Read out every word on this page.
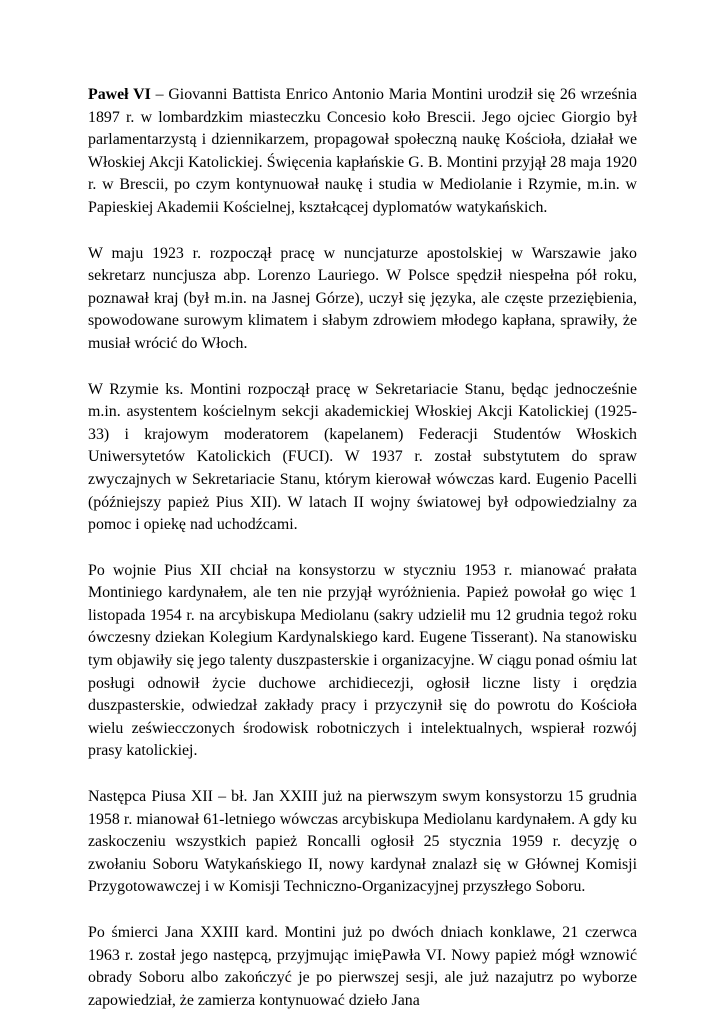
Paweł VI – Giovanni Battista Enrico Antonio Maria Montini urodził się 26 września 1897 r. w lombardzkim miasteczku Concesio koło Brescii. Jego ojciec Giorgio był parlamentarzystą i dziennikarzem, propagował społeczną naukę Kościoła, działał we Włoskiej Akcji Katolickiej. Święcenia kapłańskie G. B. Montini przyjął 28 maja 1920 r. w Brescii, po czym kontynuował naukę i studia w Mediolanie i Rzymie, m.in. w Papieskiej Akademii Kościelnej, kształcącej dyplomatów watykańskich.

W maju 1923 r. rozpoczął pracę w nuncjaturze apostolskiej w Warszawie jako sekretarz nuncjusza abp. Lorenzo Lauriego. W Polsce spędził niespełna pół roku, poznawał kraj (był m.in. na Jasnej Górze), uczył się języka, ale częste przeziębienia, spowodowane surowym klimatem i słabym zdrowiem młodego kapłana, sprawiły, że musiał wrócić do Włoch.

W Rzymie ks. Montini rozpoczął pracę w Sekretariacie Stanu, będąc jednocześnie m.in. asystentem kościelnym sekcji akademickiej Włoskiej Akcji Katolickiej (1925-33) i krajowym moderatorem (kapelanem) Federacji Studentów Włoskich Uniwersytetów Katolickich (FUCI). W 1937 r. został substytutem do spraw zwyczajnych w Sekretariacie Stanu, którym kierował wówczas kard. Eugenio Pacelli (późniejszy papież Pius XII). W latach II wojny światowej był odpowiedzialny za pomoc i opiekę nad uchodźcami.

Po wojnie Pius XII chciał na konsystorzu w styczniu 1953 r. mianować prałata Montiniego kardynałem, ale ten nie przyjął wyróżnienia. Papież powołał go więc 1 listopada 1954 r. na arcybiskupa Mediolanu (sakry udzielił mu 12 grudnia tegoż roku ówczesny dziekan Kolegium Kardynalskiego kard. Eugene Tisserant). Na stanowisku tym objawiły się jego talenty duszpasterskie i organizacyjne. W ciągu ponad ośmiu lat posługi odnowił życie duchowe archidiecezji, ogłosił liczne listy i orędzia duszpasterskie, odwiedzał zakłady pracy i przyczynił się do powrotu do Kościoła wielu zeświecczonych środowisk robotniczych i intelektualnych, wspierał rozwój prasy katolickiej.

Następca Piusa XII – bł. Jan XXIII już na pierwszym swym konsystorzu 15 grudnia 1958 r. mianował 61-letniego wówczas arcybiskupa Mediolanu kardynałem. A gdy ku zaskoczeniu wszystkich papież Roncalli ogłosił 25 stycznia 1959 r. decyzję o zwołaniu Soboru Watykańskiego II, nowy kardynał znalazł się w Głównej Komisji Przygotowawczej i w Komisji Techniczno-Organizacyjnej przyszłego Soboru.

Po śmierci Jana XXIII kard. Montini już po dwóch dniach konklawe, 21 czerwca 1963 r. został jego następcą, przyjmując imięPawła VI. Nowy papież mógł wznowić obrady Soboru albo zakończyć je po pierwszej sesji, ale już nazajutrz po wyborze zapowiedział, że zamierza kontynuować dzieło Jana
